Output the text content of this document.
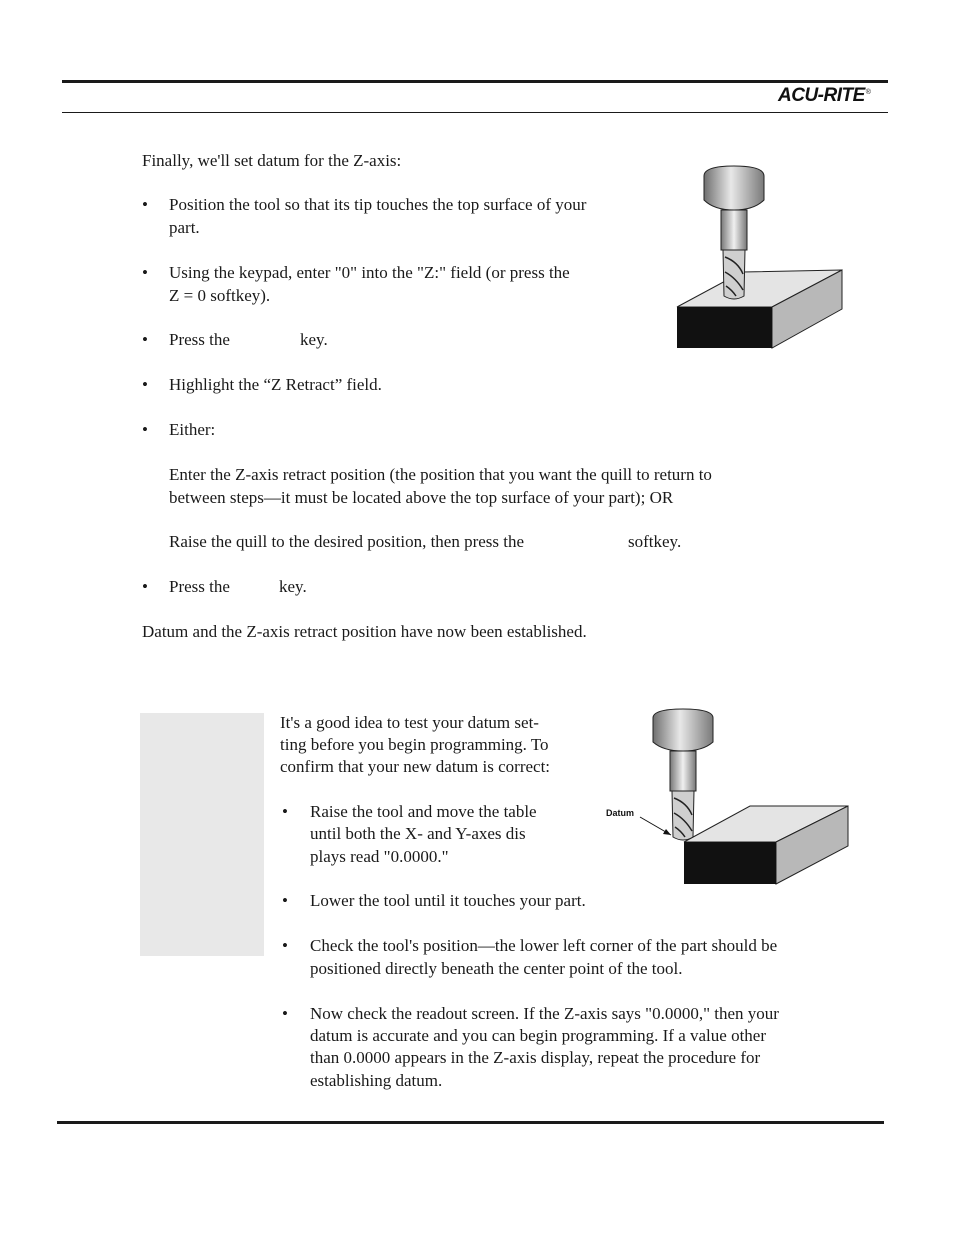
ACU-RITE®
Finally, we'll set datum for the Z-axis:
• Position the tool so that its tip touches the top surface of your
part.
• Using the keypad, enter "0" into the "Z:" field (or press the
Z = 0 softkey).
• Press the	key.
• Highlight the “Z Retract” field.
• Either:
Enter the Z-axis retract position (the position that you want the quill to return to
between steps—it must be located above the top surface of your part); OR
Raise the quill to the desired position, then press the	softkey.
• Press the	key.
Datum and the Z-axis retract position have now been established.
It's a good idea to test your datum set-
ting before you begin programming. To
confirm that your new datum is correct:
• Raise the tool and move the table
until both the X- and Y-axes dis
plays read "0.0000."
• Lower the tool until it touches your part.
• Check the tool's position—the lower left corner of the part should be
positioned directly beneath the center point of the tool.
• Now check the readout screen. If the Z-axis says "0.0000," then your
datum is accurate and you can begin programming. If a value other
than 0.0000 appears in the Z-axis display, repeat the procedure for
establishing datum.
Datum
